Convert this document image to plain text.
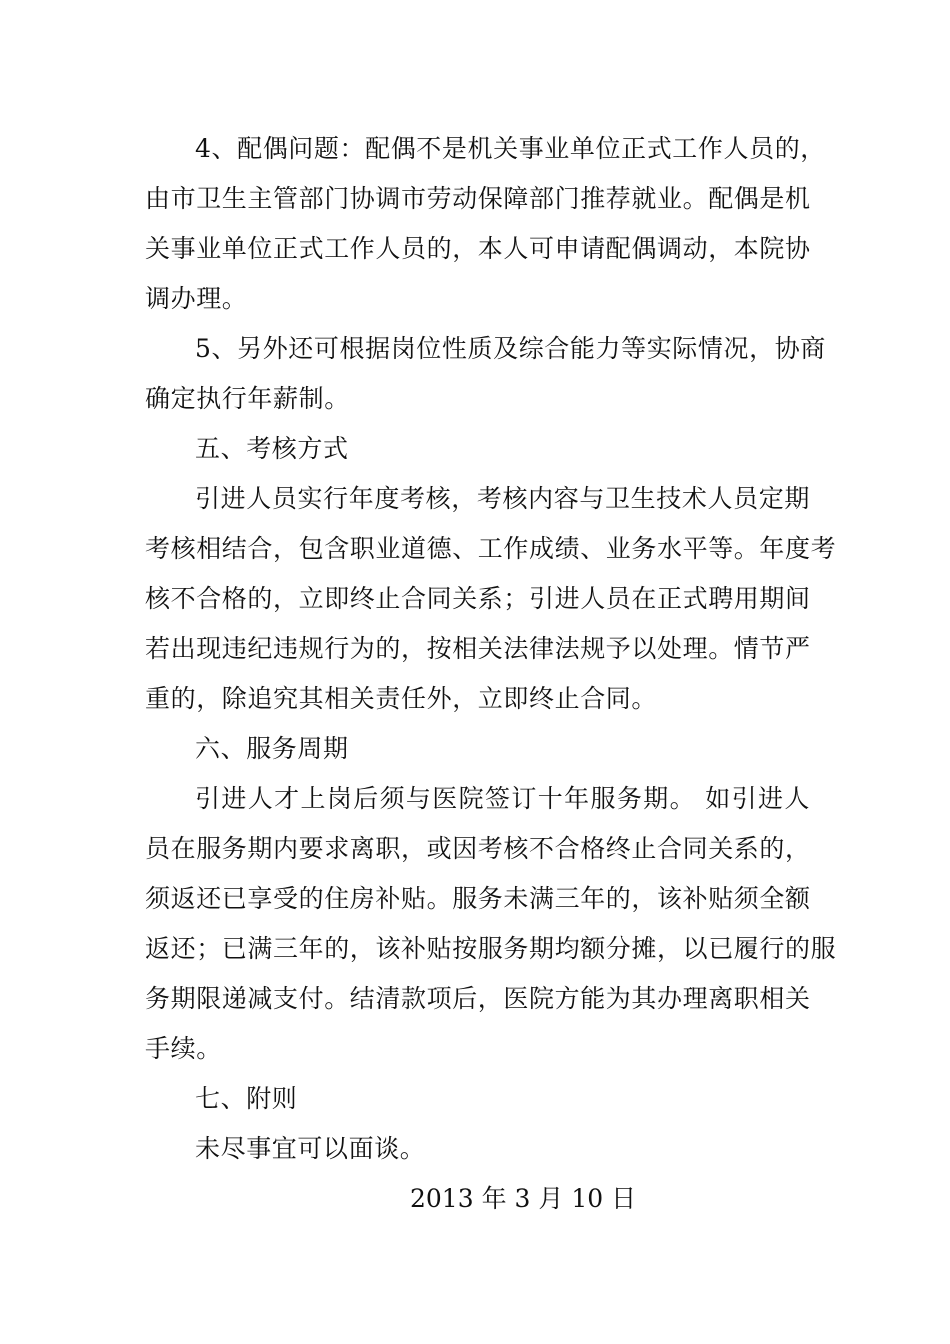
4、配偶问题：配偶不是机关事业单位正式工作人员的，
由市卫生主管部门协调市劳动保障部门推荐就业。配偶是机
关事业单位正式工作人员的，本人可申请配偶调动，本院协
调办理。
5、另外还可根据岗位性质及综合能力等实际情况，协商
确定执行年薪制。
五、考核方式
引进人员实行年度考核，考核内容与卫生技术人员定期
考核相结合，包含职业道德、工作成绩、业务水平等。年度考
核不合格的，立即终止合同关系；引进人员在正式聘用期间
若出现违纪违规行为的，按相关法律法规予以处理。情节严
重的，除追究其相关责任外，立即终止合同。
六、服务周期
引进人才上岗后须与医院签订十年服务期。 如引进人
员在服务期内要求离职，或因考核不合格终止合同关系的，
须返还已享受的住房补贴。服务未满三年的，该补贴须全额
返还；已满三年的，该补贴按服务期均额分摊，以已履行的服
务期限递减支付。结清款项后，医院方能为其办理离职相关
手续。
七、附则
未尽事宜可以面谈。
2013 年 3 月 10 日
